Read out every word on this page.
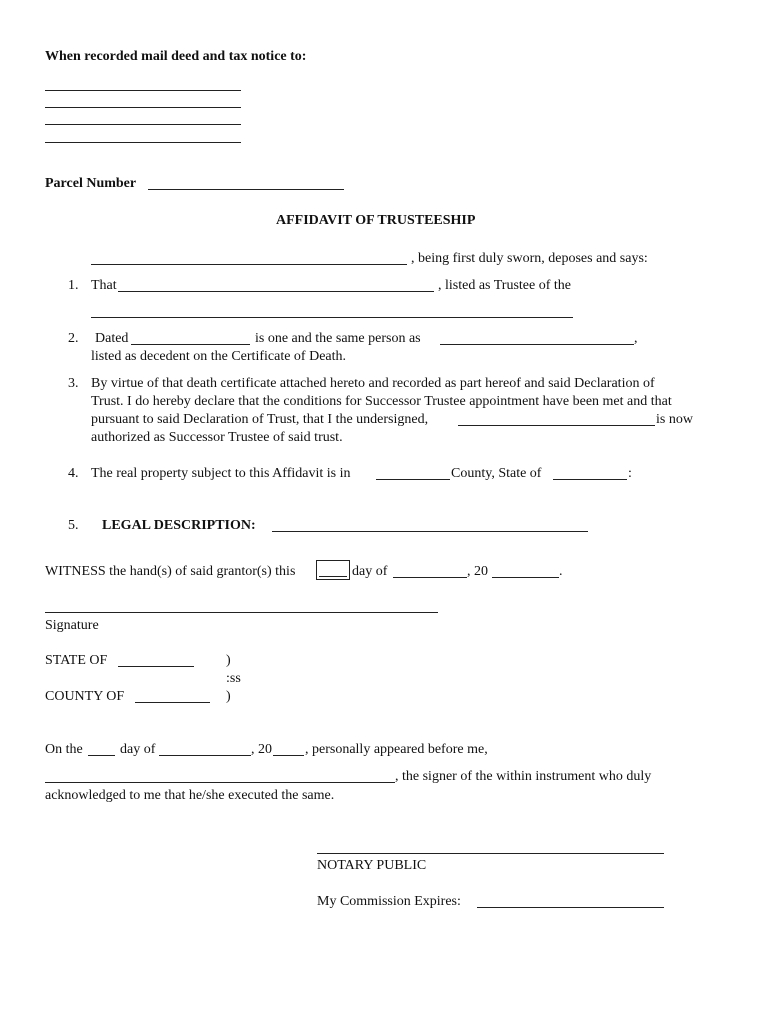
When recorded mail deed and tax notice to:
Parcel Number
AFFIDAVIT OF TRUSTEESHIP
, being first duly sworn, deposes and says:
1. That	, listed as Trustee of the
2. Dated	is one and the same person as	,
listed as decedent on the Certificate of Death.
3. By virtue of that death certificate attached hereto and recorded as part hereof and said Declaration of
Trust. I do hereby declare that the conditions for Successor Trustee appointment have been met and that
pursuant to said Declaration of Trust, that I the undersigned,	is now
authorized as Successor Trustee of said trust.
4. The real property subject to this Affidavit is in	County, State of	:
5. LEGAL DESCRIPTION:
WITNESS the hand(s) of said grantor(s) this	day of	, 20	.
Signature
STATE OF	)
:ss
COUNTY OF	)
On the	day of	, 20 , personally appeared before me,
, the signer of the within instrument who duly
acknowledged to me that he/she executed the same.
NOTARY PUBLIC
My Commission Expires:
